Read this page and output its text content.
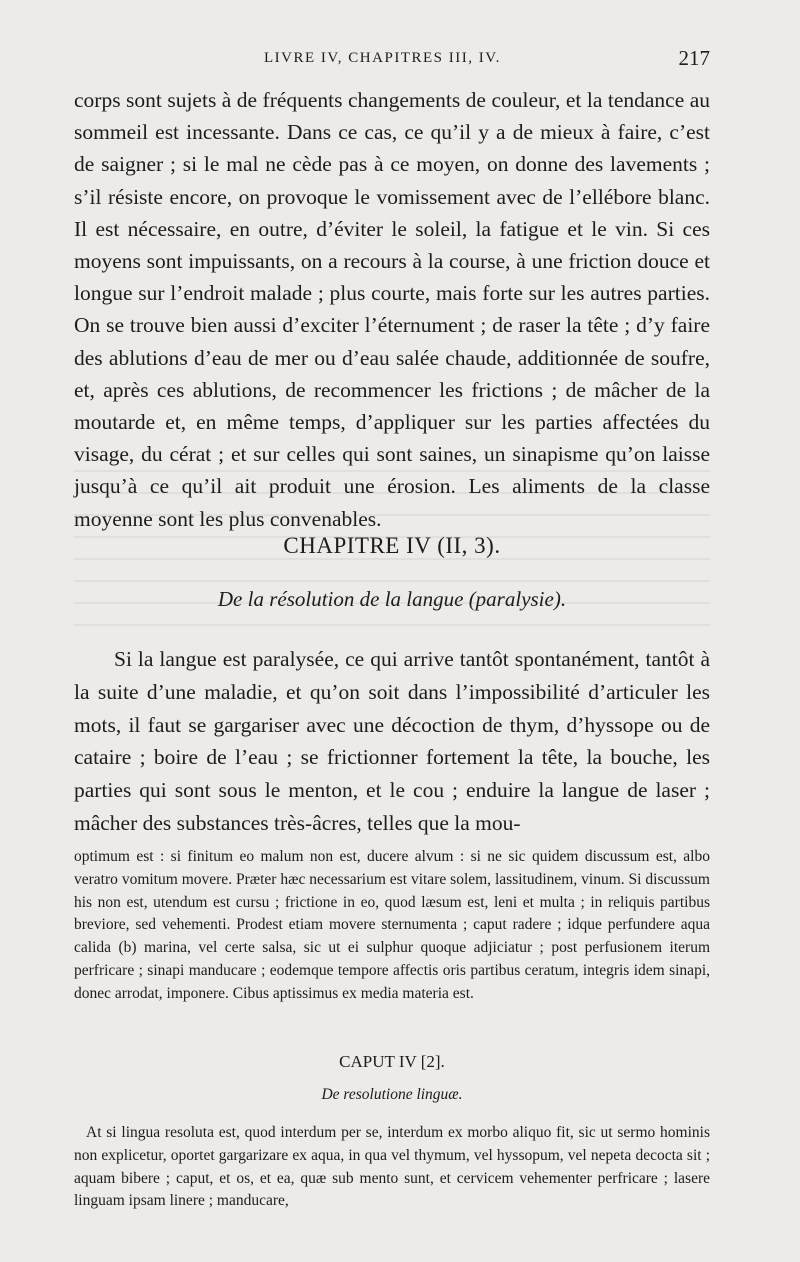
LIVRE IV, CHAPITRES III, IV.	217

corps sont sujets à de fréquents changements de couleur, et la tendance au sommeil est incessante. Dans ce cas, ce qu’il y a de mieux à faire, c’est de saigner ; si le mal ne cède pas à ce moyen, on donne des lavements ; s’il résiste encore, on provoque le vomissement avec de l’ellébore blanc. Il est nécessaire, en outre, d’éviter le soleil, la fatigue et le vin. Si ces moyens sont impuissants, on a recours à la course, à une friction douce et longue sur l’endroit malade ; plus courte, mais forte sur les autres parties. On se trouve bien aussi d’exciter l’éternument ; de raser la tête ; d’y faire des ablutions d’eau de mer ou d’eau salée chaude, additionnée de soufre, et, après ces ablutions, de recommencer les frictions ; de mâcher de la moutarde et, en même temps, d’appliquer sur les parties affectées du visage, du cérat ; et sur celles qui sont saines, un sinapisme qu’on laisse jusqu’à ce qu’il ait produit une érosion. Les aliments de la classe moyenne sont les plus convenables.

CHAPITRE IV (II, 3).
De la résolution de la langue (paralysie).

Si la langue est paralysée, ce qui arrive tantôt spontanément, tantôt à la suite d’une maladie, et qu’on soit dans l’impossibilité d’articuler les mots, il faut se gargariser avec une décoction de thym, d’hyssope ou de cataire ; boire de l’eau ; se frictionner fortement la tête, la bouche, les parties qui sont sous le menton, et le cou ; enduire la langue de laser ; mâcher des substances très-âcres, telles que la mou-

optimum est : si finitum eo malum non est, ducere alvum : si ne sic quidem discussum est, albo veratro vomitum movere. Præter hæc necessarium est vitare solem, lassitudinem, vinum. Si discussum his non est, utendum est cursu ; frictione in eo, quod læsum est, leni et multa ; in reliquis partibus breviore, sed vehementi. Prodest etiam movere sternumenta ; caput radere ; idque perfundere aqua calida (b) marina, vel certe salsa, sic ut ei sulphur quoque adjiciatur ; post perfusionem iterum perfricare ; sinapi manducare ; eodemque tempore affectis oris partibus ceratum, integris idem sinapi, donec arrodat, imponere. Cibus aptissimus ex media materia est.

CAPUT IV [2].
De resolutione linguæ.

At si lingua resoluta est, quod interdum per se, interdum ex morbo aliquo fit, sic ut sermo hominis non explicetur, oportet gargarizare ex aqua, in qua vel thymum, vel hyssopum, vel nepeta decocta sit ; aquam bibere ; caput, et os, et ea, quæ sub mento sunt, et cervicem vehementer perfricare ; lasere linguam ipsam linere ; manducare,
